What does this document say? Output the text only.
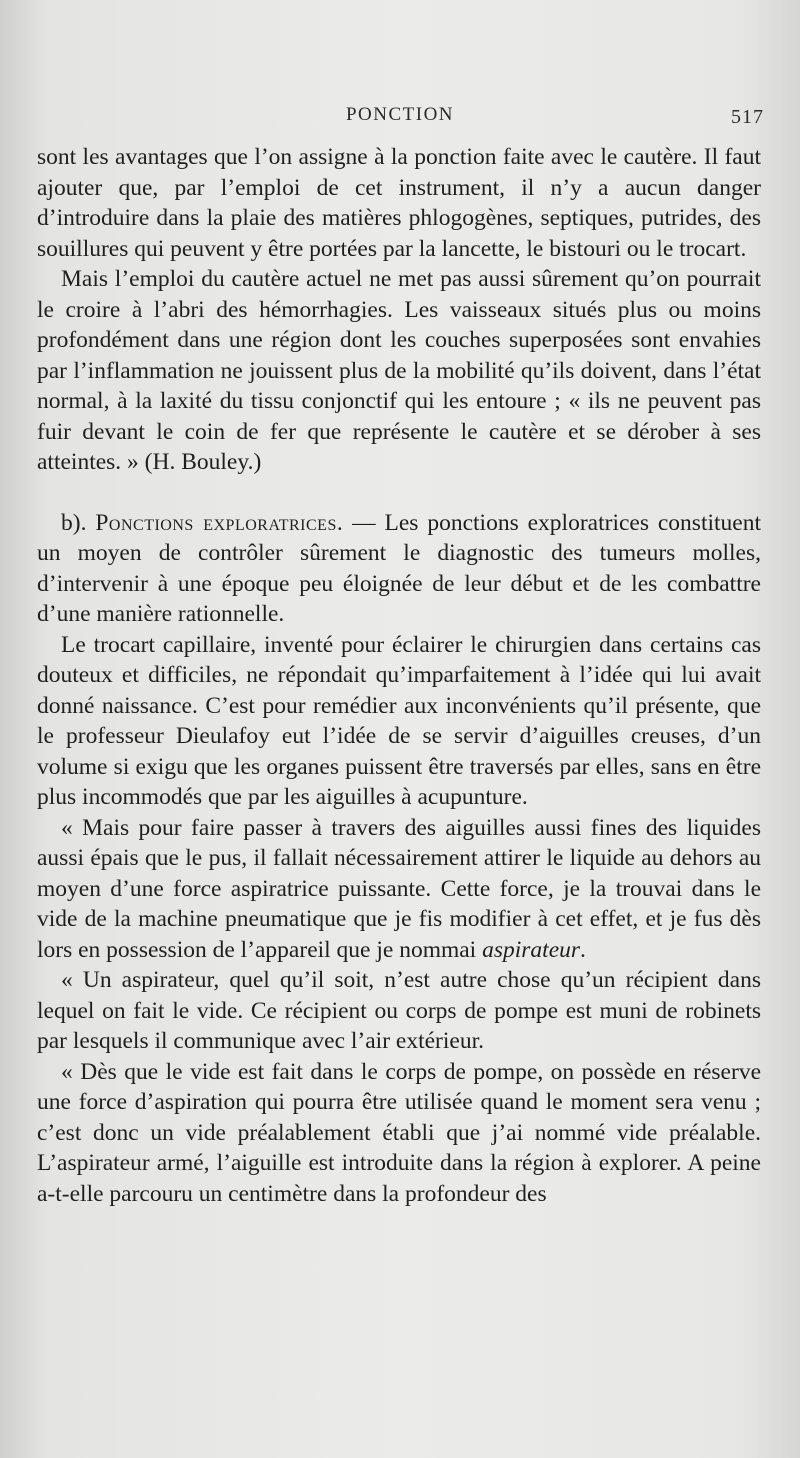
PONCTION	517

sont les avantages que l’on assigne à la ponction faite avec le cautère. Il faut ajouter que, par l’emploi de cet instrument, il n’y a aucun danger d’introduire dans la plaie des matières phlogogènes, septiques, putrides, des souillures qui peuvent y être portées par la lancette, le bistouri ou le trocart.

Mais l’emploi du cautère actuel ne met pas aussi sûrement qu’on pourrait le croire à l’abri des hémorrhagies. Les vaisseaux situés plus ou moins profondément dans une région dont les couches superposées sont envahies par l’inflammation ne jouissent plus de la mobilité qu’ils doivent, dans l’état normal, à la laxité du tissu conjonctif qui les entoure ; « ils ne peuvent pas fuir devant le coin de fer que représente le cautère et se dérober à ses atteintes. » (H. Bouley.)

b). Ponctions exploratrices. — Les ponctions exploratrices constituent un moyen de contrôler sûrement le diagnostic des tumeurs molles, d’intervenir à une époque peu éloignée de leur début et de les combattre d’une manière rationnelle.

Le trocart capillaire, inventé pour éclairer le chirurgien dans certains cas douteux et difficiles, ne répondait qu’imparfaitement à l’idée qui lui avait donné naissance. C’est pour remédier aux inconvénients qu’il présente, que le professeur Dieulafoy eut l’idée de se servir d’aiguilles creuses, d’un volume si exigu que les organes puissent être traversés par elles, sans en être plus incommodés que par les aiguilles à acupunture.

« Mais pour faire passer à travers des aiguilles aussi fines des liquides aussi épais que le pus, il fallait nécessairement attirer le liquide au dehors au moyen d’une force aspiratrice puissante. Cette force, je la trouvai dans le vide de la machine pneumatique que je fis modifier à cet effet, et je fus dès lors en possession de l’appareil que je nommai aspirateur.

« Un aspirateur, quel qu’il soit, n’est autre chose qu’un récipient dans lequel on fait le vide. Ce récipient ou corps de pompe est muni de robinets par lesquels il communique avec l’air extérieur.

« Dès que le vide est fait dans le corps de pompe, on possède en réserve une force d’aspiration qui pourra être utilisée quand le moment sera venu ; c’est donc un vide préalablement établi que j’ai nommé vide préalable. L’aspirateur armé, l’aiguille est introduite dans la région à explorer. A peine a-t-elle parcouru un centimètre dans la profondeur des
